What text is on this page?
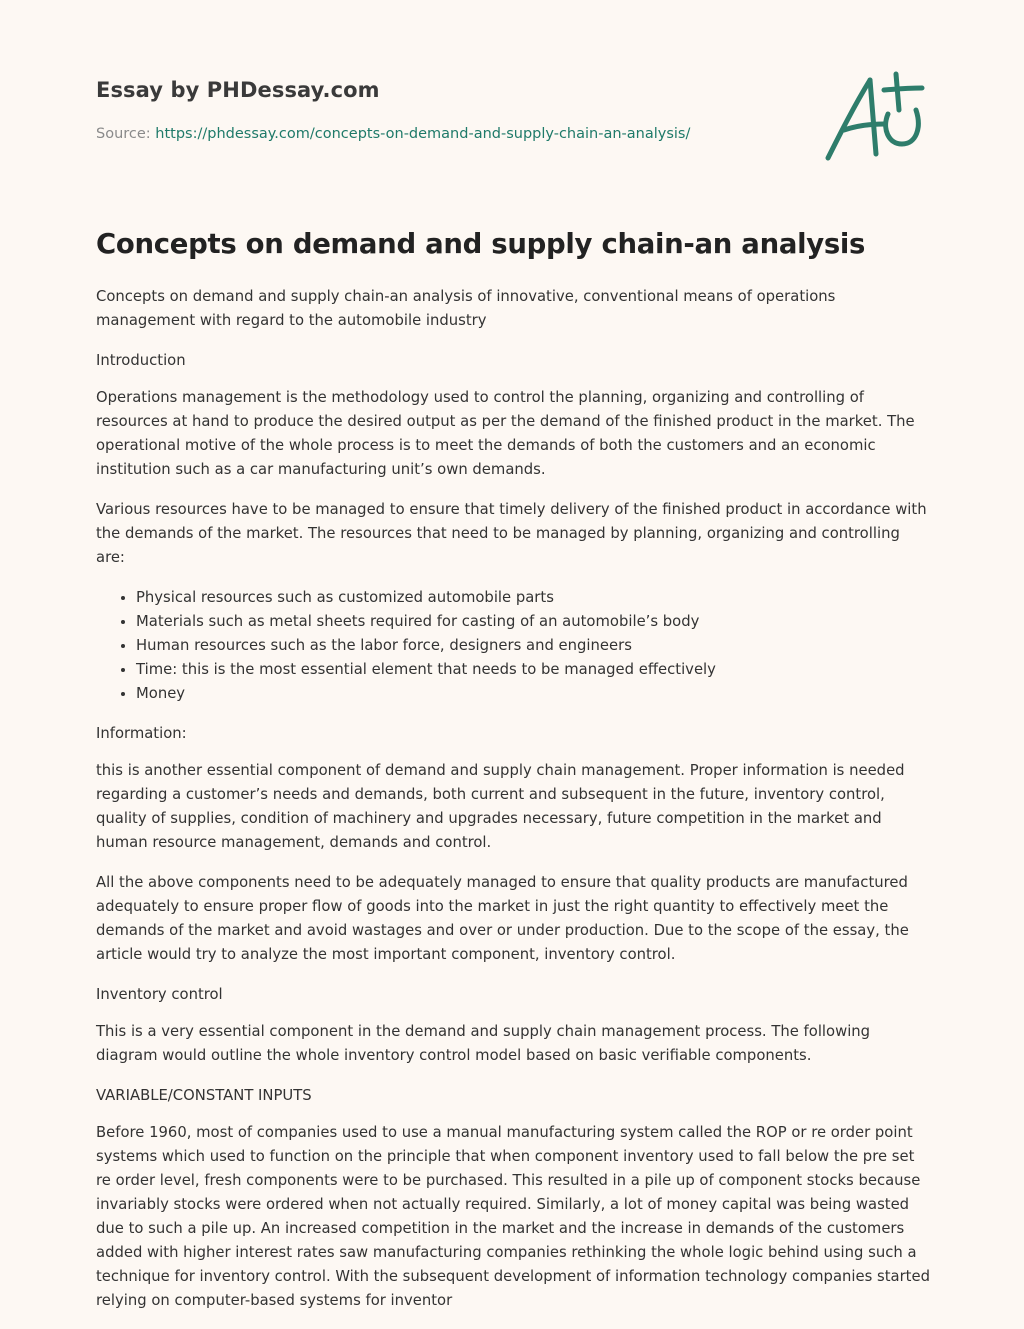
Essay by PHDessay.com
Source: https://phdessay.com/concepts-on-demand-and-supply-chain-an-analysis/
Concepts on demand and supply chain-an analysis

Concepts on demand and supply chain-an analysis of innovative, conventional means of operations management with regard to the automobile industry

Introduction

Operations management is the methodology used to control the planning, organizing and controlling of resources at hand to produce the desired output as per the demand of the finished product in the market. The operational motive of the whole process is to meet the demands of both the customers and an economic institution such as a car manufacturing unit’s own demands.

Various resources have to be managed to ensure that timely delivery of the finished product in accordance with the demands of the market. The resources that need to be managed by planning, organizing and controlling are:

• Physical resources such as customized automobile parts
• Materials such as metal sheets required for casting of an automobile’s body
• Human resources such as the labor force, designers and engineers
• Time: this is the most essential element that needs to be managed effectively
• Money

Information:

this is another essential component of demand and supply chain management. Proper information is needed regarding a customer’s needs and demands, both current and subsequent in the future, inventory control, quality of supplies, condition of machinery and upgrades necessary, future competition in the market and human resource management, demands and control.

All the above components need to be adequately managed to ensure that quality products are manufactured adequately to ensure proper flow of goods into the market in just the right quantity to effectively meet the demands of the market and avoid wastages and over or under production. Due to the scope of the essay, the article would try to analyze the most important component, inventory control.

Inventory control

This is a very essential component in the demand and supply chain management process. The following diagram would outline the whole inventory control model based on basic verifiable components.

VARIABLE/CONSTANT INPUTS

Before 1960, most of companies used to use a manual manufacturing system called the ROP or re order point systems which used to function on the principle that when component inventory used to fall below the pre set re order level, fresh components were to be purchased. This resulted in a pile up of component stocks because invariably stocks were ordered when not actually required. Similarly, a lot of money capital was being wasted due to such a pile up. An increased competition in the market and the increase in demands of the customers added with higher interest rates saw manufacturing companies rethinking the whole logic behind using such a technique for inventory control. With the subsequent development of information technology companies started relying on computer-based systems for inventor
